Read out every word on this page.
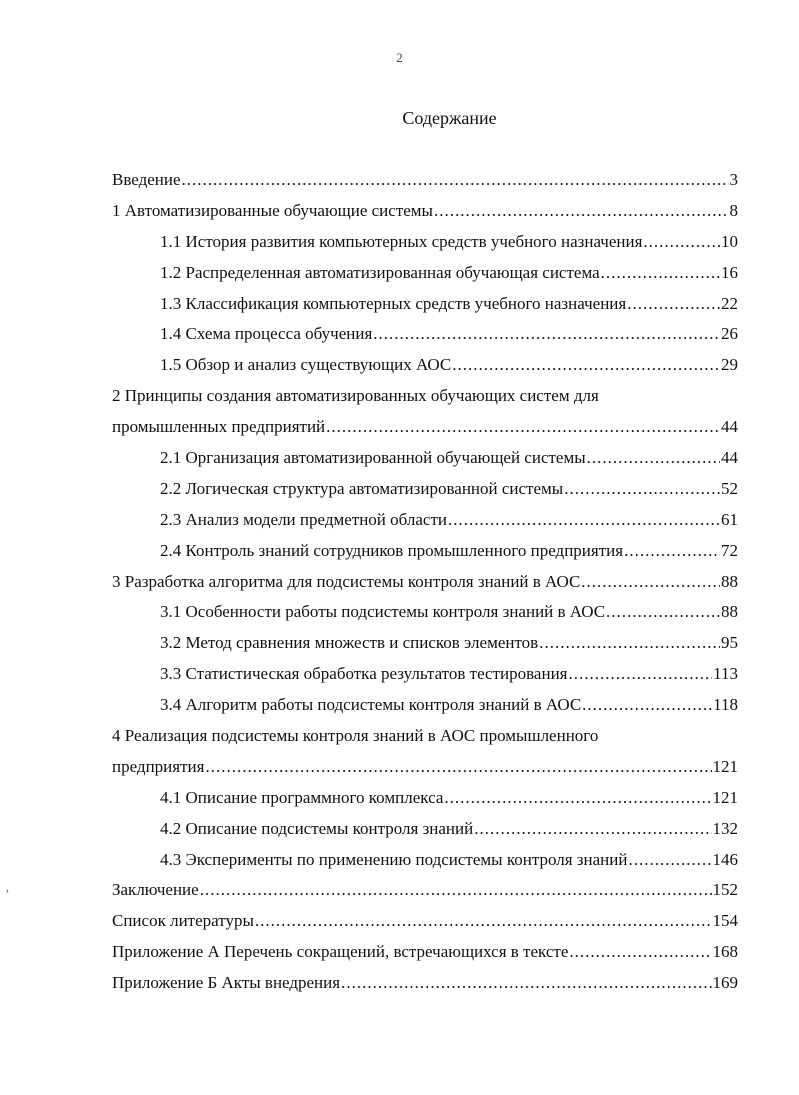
2
Содержание
,
Введение .....	3
1 Автоматизированные обучающие системы .....	8
1.1 История развития компьютерных средств учебного назначения .....	10
1.2 Распределенная автоматизированная обучающая система .....	16
1.3 Классификация компьютерных средств учебного назначения .....	22
1.4 Схема процесса обучения .....	26
1.5 Обзор и анализ существующих АОС .....	29
2 Принципы создания автоматизированных обучающих систем для
промышленных предприятий .....	44
2.1 Организация автоматизированной обучающей системы .....	44
2.2 Логическая структура автоматизированной системы .....	52
2.3 Анализ модели предметной области .....	61
2.4 Контроль знаний сотрудников промышленного предприятия .....	72
3 Разработка алгоритма для подсистемы контроля знаний в АОС .....	88
3.1 Особенности работы подсистемы контроля знаний в АОС .....	88
3.2 Метод сравнения множеств и списков элементов .....	95
3.3 Статистическая обработка результатов тестирования .....	113
3.4 Алгоритм работы подсистемы контроля знаний в АОС .....	118
4 Реализация подсистемы контроля знаний в АОС промышленного
предприятия .....	121
4.1 Описание программного комплекса .....	121
4.2 Описание подсистемы контроля знаний .....	132
4.3 Эксперименты по применению подсистемы контроля знаний .....	146
Заключение .....	152
Список литературы .....	154
Приложение А Перечень сокращений, встречающихся в тексте .....	168
Приложение Б Акты внедрения .....	169
